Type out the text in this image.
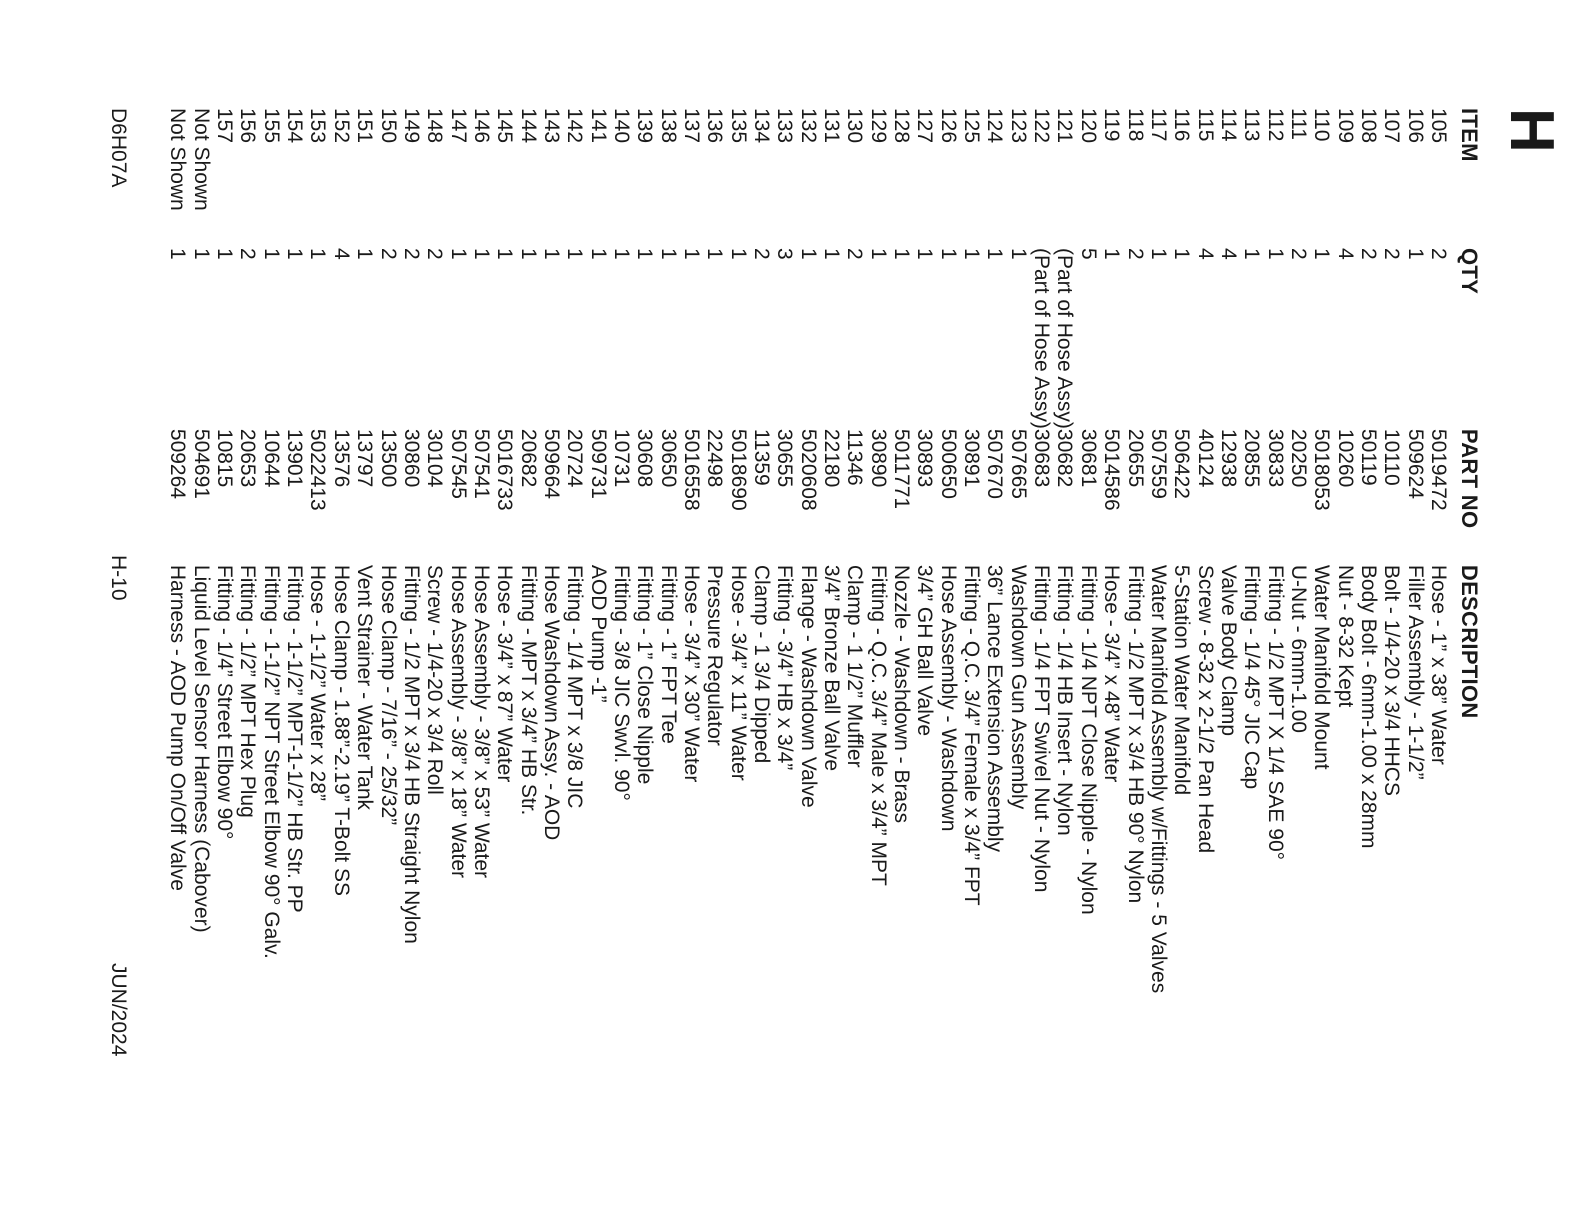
H
ITEM	QTY	PART NO	DESCRIPTION
105	2	5019472	Hose - 1” x 38” Water
106	1	509624	Filler Assembly - 1-1/2”
107	2	10110	Bolt - 1/4-20 x 3/4 HHCS
108	2	50119	Body Bolt - 6mm-1.00 x 28mm
109	4	10260	Nut - 8-32 Kept
110	1	5018053	Water Manifold Mount
111	2	20250	U-Nut - 6mm-1.00
112	1	30833	Fitting - 1/2 MPT X 1/4 SAE 90°
113	1	20855	Fitting - 1/4 45° JIC Cap
114	4	12938	Valve Body Clamp
115	4	40124	Screw - 8-32 x 2-1/2 Pan Head
116	1	506422	5-Station Water Manifold
117	1	507559	Water Manifold Assembly w/Fittings - 5 Valves
118	2	20655	Fitting - 1/2 MPT x 3/4 HB 90° Nylon
119	1	5014586	Hose - 3/4” x 48” Water
120	5	30681	Fitting - 1/4 NPT Close Nipple - Nylon
121	(Part of Hose Assy)	30682	Fitting - 1/4 HB Insert - Nylon
122	(Part of Hose Assy)	30683	Fitting - 1/4 FPT Swivel Nut - Nylon
123	1	507665	Washdown Gun Assembly
124	1	507670	36” Lance Extension Assembly
125	1	30891	Fitting - Q.C. 3/4” Female x 3/4” FPT
126	1	500650	Hose Assembly - Washdown
127	1	30893	3/4” GH Ball Valve
128	1	5011771	Nozzle - Washdown - Brass
129	1	30890	Fitting - Q.C. 3/4” Male x 3/4” MPT
130	2	11346	Clamp - 1 1/2” Muffler
131	1	22180	3/4” Bronze Ball Valve
132	1	5020608	Flange - Washdown Valve
133	3	30655	Fitting - 3/4” HB x 3/4”
134	2	11359	Clamp - 1 3/4 Dipped
135	1	5018690	Hose - 3/4” x 11” Water
136	1	22498	Pressure Regulator
137	1	5016558	Hose - 3/4” x 30” Water
138	1	30650	Fitting - 1” FPT Tee
139	1	30608	Fitting - 1” Close Nipple
140	1	10731	Fitting - 3/8 JIC Swvl. 90°
141	1	509731	AOD Pump -1”
142	1	20724	Fitting - 1/4 MPT x 3/8 JIC
143	1	509664	Hose Washdown Assy. - AOD
144	1	20682	Fitting - MPT x 3/4” HB Str.
145	1	5016733	Hose - 3/4” x 87” Water
146	1	507541	Hose Assembly - 3/8” x 53” Water
147	1	507545	Hose Assembly - 3/8” x 18” Water
148	2	30104	Screw - 1/4-20 x 3/4 Roll
149	2	30860	Fitting - 1/2 MPT x 3/4 HB Straight Nylon
150	2	13500	Hose Clamp - 7/16” - 25/32”
151	1	13797	Vent Strainer - Water Tank
152	4	13576	Hose Clamp - 1.88”-2.19” T-Bolt SS
153	1	5022413	Hose - 1-1/2” Water x 28”
154	1	13901	Fitting - 1-1/2” MPT-1-1/2” HB Str. PP
155	1	10644	Fitting - 1-1/2” NPT Street Elbow 90° Galv.
156	2	20653	Fitting - 1/2” MPT Hex Plug
157	1	10815	Fitting - 1/4” Street Elbow 90°
Not Shown	1	504691	Liquid Level Sensor Harness (Cabover)
Not Shown	1	509264	Harness - AOD Pump On/Off Valve
D6H07A
H-10
JUN/2024
